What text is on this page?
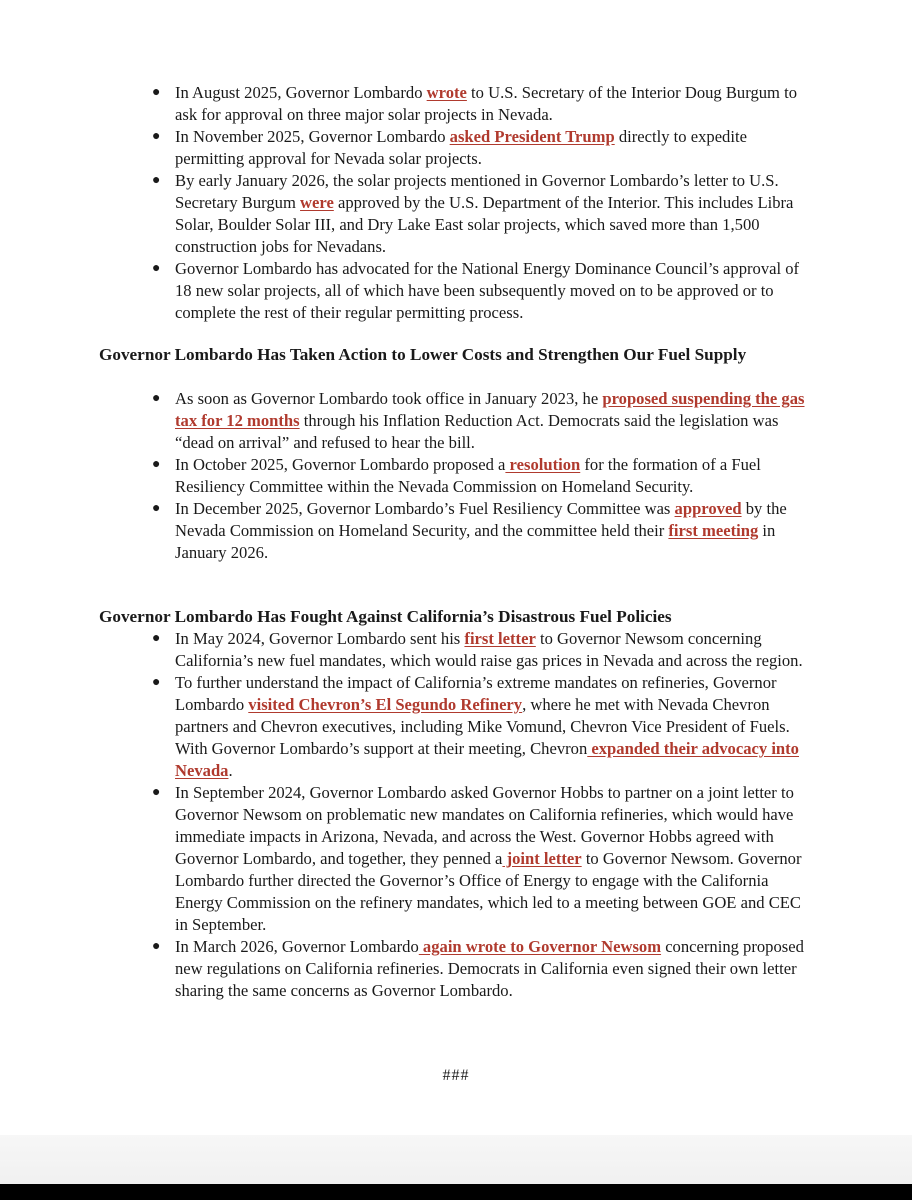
● In August 2025, Governor Lombardo wrote to U.S. Secretary of the Interior Doug Burgum to ask for approval on three major solar projects in Nevada.
● In November 2025, Governor Lombardo asked President Trump directly to expedite permitting approval for Nevada solar projects.
● By early January 2026, the solar projects mentioned in Governor Lombardo’s letter to U.S. Secretary Burgum were approved by the U.S. Department of the Interior. This includes Libra Solar, Boulder Solar III, and Dry Lake East solar projects, which saved more than 1,500 construction jobs for Nevadans.
● Governor Lombardo has advocated for the National Energy Dominance Council’s approval of 18 new solar projects, all of which have been subsequently moved on to be approved or to complete the rest of their regular permitting process.
Governor Lombardo Has Taken Action to Lower Costs and Strengthen Our Fuel Supply
● As soon as Governor Lombardo took office in January 2023, he proposed suspending the gas tax for 12 months through his Inflation Reduction Act. Democrats said the legislation was “dead on arrival” and refused to hear the bill.
● In October 2025, Governor Lombardo proposed a resolution for the formation of a Fuel Resiliency Committee within the Nevada Commission on Homeland Security.
● In December 2025, Governor Lombardo’s Fuel Resiliency Committee was approved by the Nevada Commission on Homeland Security, and the committee held their first meeting in January 2026.
Governor Lombardo Has Fought Against California’s Disastrous Fuel Policies
● In May 2024, Governor Lombardo sent his first letter to Governor Newsom concerning California’s new fuel mandates, which would raise gas prices in Nevada and across the region.
● To further understand the impact of California’s extreme mandates on refineries, Governor Lombardo visited Chevron’s El Segundo Refinery, where he met with Nevada Chevron partners and Chevron executives, including Mike Vomund, Chevron Vice President of Fuels. With Governor Lombardo’s support at their meeting, Chevron expanded their advocacy into Nevada.
● In September 2024, Governor Lombardo asked Governor Hobbs to partner on a joint letter to Governor Newsom on problematic new mandates on California refineries, which would have immediate impacts in Arizona, Nevada, and across the West. Governor Hobbs agreed with Governor Lombardo, and together, they penned a joint letter to Governor Newsom. Governor Lombardo further directed the Governor’s Office of Energy to engage with the California Energy Commission on the refinery mandates, which led to a meeting between GOE and CEC in September.
● In March 2026, Governor Lombardo again wrote to Governor Newsom concerning proposed new regulations on California refineries. Democrats in California even signed their own letter sharing the same concerns as Governor Lombardo.
###
